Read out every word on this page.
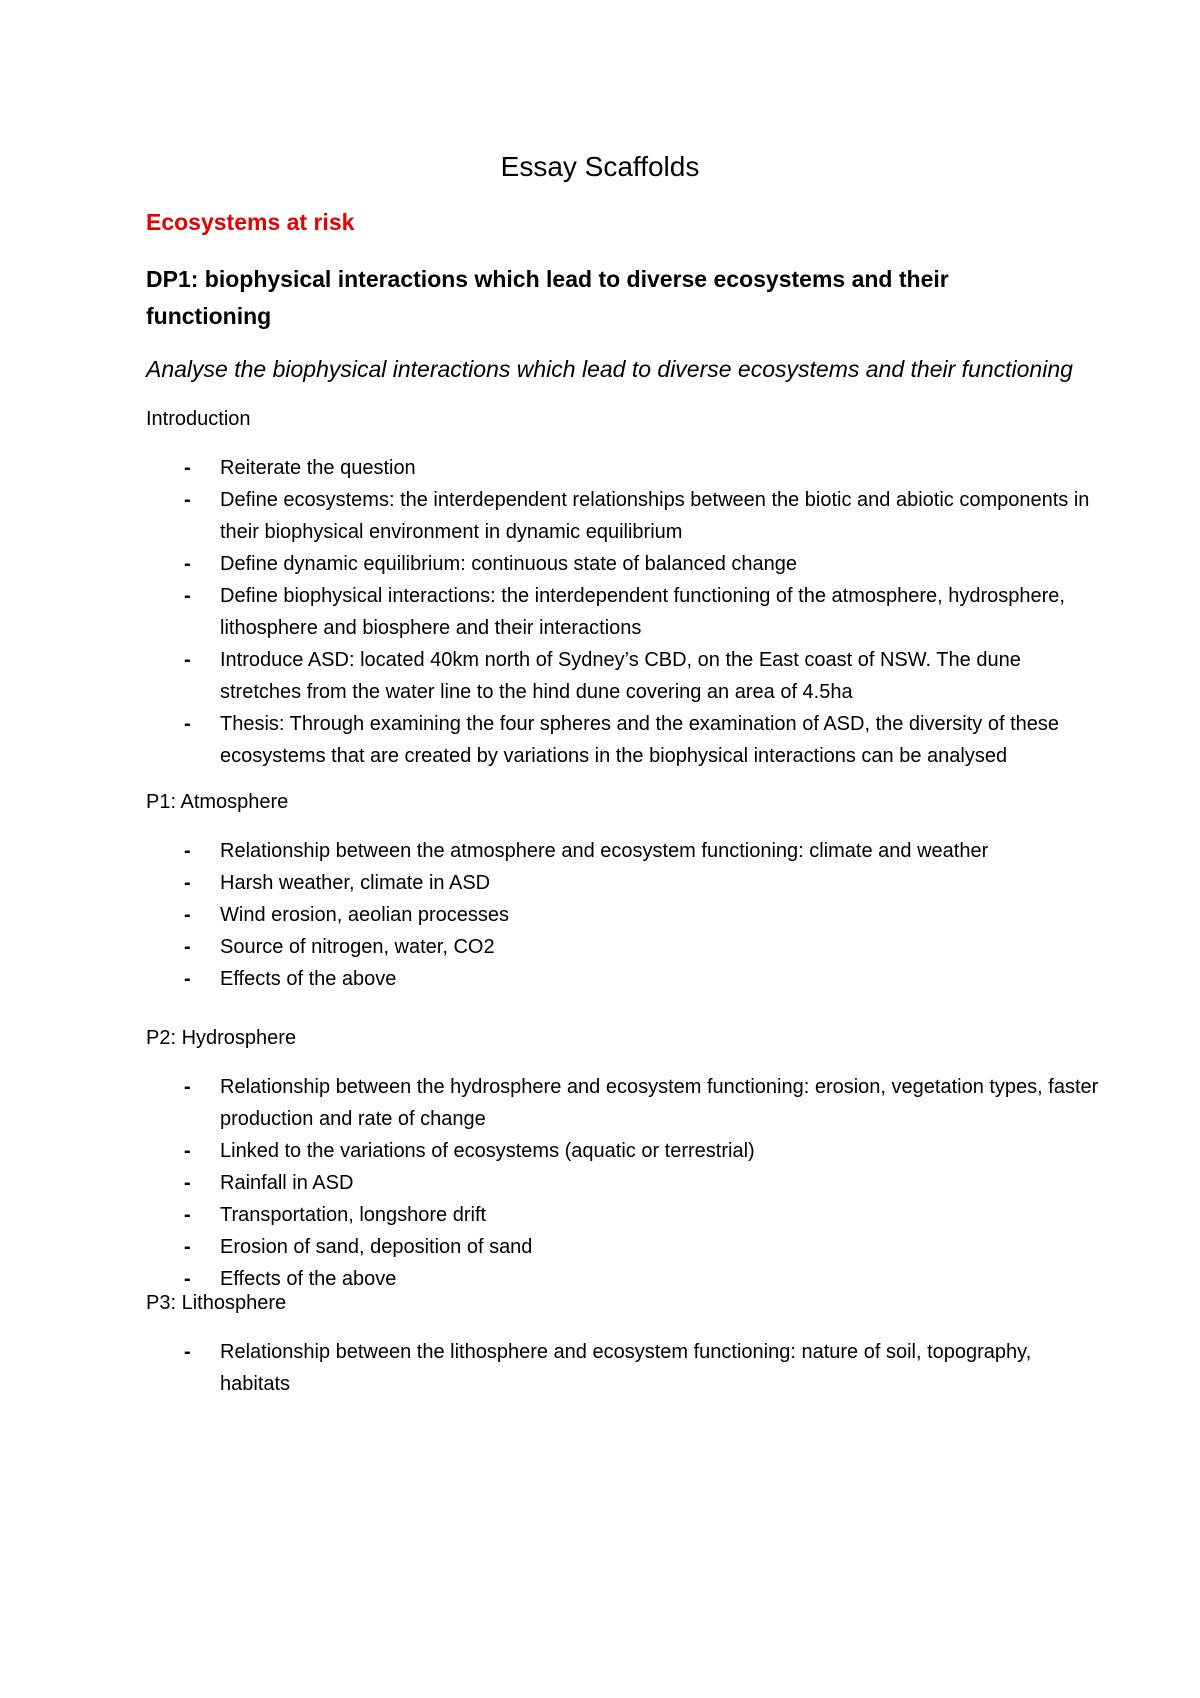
Essay Scaffolds
Ecosystems at risk
DP1: biophysical interactions which lead to diverse ecosystems and their functioning

Analyse the biophysical interactions which lead to diverse ecosystems and their functioning

Introduction

- Reiterate the question
- Define ecosystems: the interdependent relationships between the biotic and abiotic components in their biophysical environment in dynamic equilibrium
- Define dynamic equilibrium: continuous state of balanced change
- Define biophysical interactions: the interdependent functioning of the atmosphere, hydrosphere, lithosphere and biosphere and their interactions
- Introduce ASD: located 40km north of Sydney’s CBD, on the East coast of NSW. The dune stretches from the water line to the hind dune covering an area of 4.5ha
- Thesis: Through examining the four spheres and the examination of ASD, the diversity of these ecosystems that are created by variations in the biophysical interactions can be analysed

P1: Atmosphere

- Relationship between the atmosphere and ecosystem functioning: climate and weather
- Harsh weather, climate in ASD
- Wind erosion, aeolian processes
- Source of nitrogen, water, CO2
- Effects of the above

P2: Hydrosphere

- Relationship between the hydrosphere and ecosystem functioning: erosion, vegetation types, faster production and rate of change
- Linked to the variations of ecosystems (aquatic or terrestrial)
- Rainfall in ASD
- Transportation, longshore drift
- Erosion of sand, deposition of sand
- Effects of the above

P3: Lithosphere

- Relationship between the lithosphere and ecosystem functioning: nature of soil, topography, habitats
